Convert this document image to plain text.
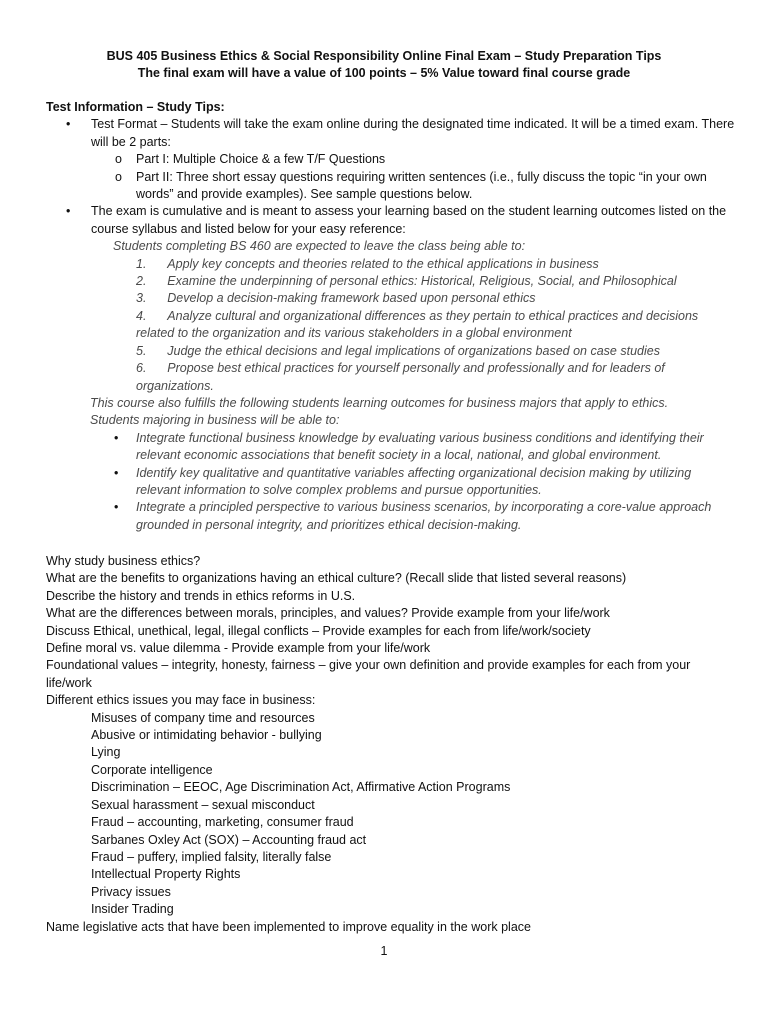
BUS 405 Business Ethics & Social Responsibility Online Final Exam – Study Preparation Tips
The final exam will have a value of 100 points – 5% Value toward final course grade

Test Information – Study Tips:

• Test Format – Students will take the exam online during the designated time indicated. It will be a timed exam. There will be 2 parts:

o Part I: Multiple Choice & a few T/F Questions

o Part II: Three short essay questions requiring written sentences (i.e., fully discuss the topic “in your own words” and provide examples). See sample questions below.

• The exam is cumulative and is meant to assess your learning based on the student learning outcomes listed on the course syllabus and listed below for your easy reference:

Students completing BS 460 are expected to leave the class being able to:

1. Apply key concepts and theories related to the ethical applications in business

2. Examine the underpinning of personal ethics: Historical, Religious, Social, and Philosophical

3. Develop a decision-making framework based upon personal ethics

4. Analyze cultural and organizational differences as they pertain to ethical practices and decisions related to the organization and its various stakeholders in a global environment

5. Judge the ethical decisions and legal implications of organizations based on case studies

6. Propose best ethical practices for yourself personally and professionally and for leaders of organizations.

This course also fulfills the following students learning outcomes for business majors that apply to ethics.

Students majoring in business will be able to:

• Integrate functional business knowledge by evaluating various business conditions and identifying their relevant economic associations that benefit society in a local, national, and global environment.

• Identify key qualitative and quantitative variables affecting organizational decision making by utilizing relevant information to solve complex problems and pursue opportunities.

• Integrate a principled perspective to various business scenarios, by incorporating a core-value approach grounded in personal integrity, and prioritizes ethical decision-making.

Why study business ethics?

What are the benefits to organizations having an ethical culture? (Recall slide that listed several reasons)

Describe the history and trends in ethics reforms in U.S.

What are the differences between morals, principles, and values? Provide example from your life/work

Discuss Ethical, unethical, legal, illegal conflicts – Provide examples for each from life/work/society

Define moral vs. value dilemma - Provide example from your life/work

Foundational values – integrity, honesty, fairness – give your own definition and provide examples for each from your life/work

Different ethics issues you may face in business:

Misuses of company time and resources

Abusive or intimidating behavior - bullying

Lying

Corporate intelligence

Discrimination – EEOC, Age Discrimination Act, Affirmative Action Programs

Sexual harassment – sexual misconduct

Fraud – accounting, marketing, consumer fraud

Sarbanes Oxley Act (SOX) – Accounting fraud act

Fraud – puffery, implied falsity, literally false

Intellectual Property Rights

Privacy issues

Insider Trading

Name legislative acts that have been implemented to improve equality in the work place

1
